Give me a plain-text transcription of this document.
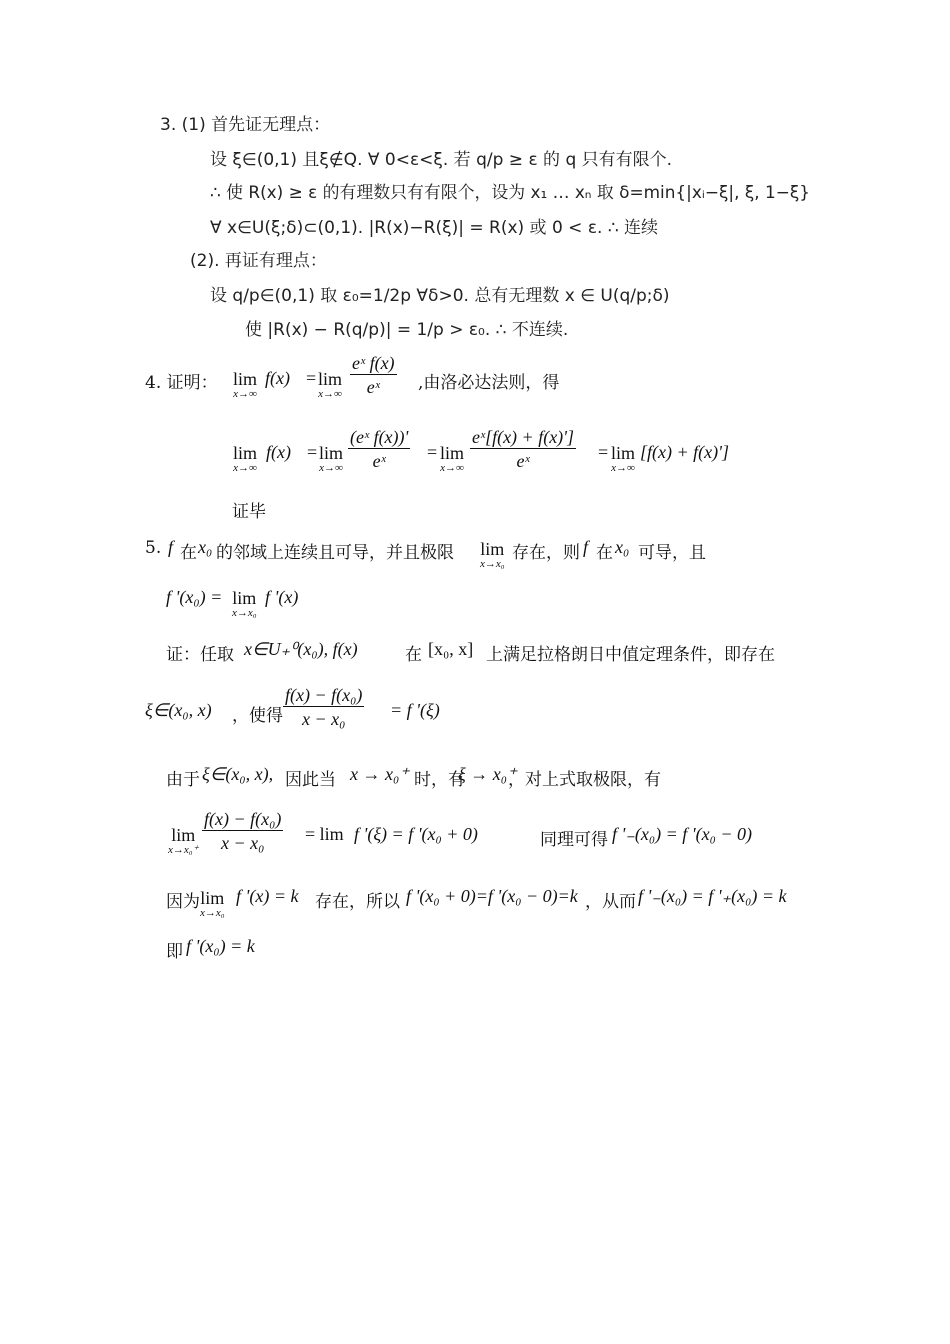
3. (1) 首先证无理点：
设 ξ∈(0,1) 且ξ∉Q. ∀ 0<ε<ξ. 若 q/p ≥ ε 的 q 只有有限个.
∴ 使 R(x) ≥ ε 的有理数只有有限个，设为 x₁ … xₙ 取 δ=min{|xᵢ−ξ|, ξ, 1−ξ}
∀ x∈U(ξ;δ)⊂(0,1). |R(x)−R(ξ)| = R(x) 或 0 < ε. ∴ 连续
(2). 再证有理点：
设 q/p∈(0,1) 取 ε₀=1/2p ∀δ>0. 总有无理数 x ∈ U(q/p;δ)
使 |R(x) − R(q/p)| = 1/p > ε₀. ∴ 不连续.
4. 证明： lim
x→∞
f(x) = lim
$x\to\infty \frac{\text{eˣ f(x)}}{\text{eˣ}}$ ,由洛必达法则，得
lim
x→∞
f(x) = lim
$x\to\infty \frac{\text{(eˣ f(x))'}}{\text{eˣ}} = \lim$
$x\to\infty \frac{\text{eˣ[f(x) + f(x)']}}{\text{eˣ}} = \lim$
x→∞
[f(x) + f(x)']
证毕
5. f 在 x₀ 的邻域上连续且可导，并且极限 lim
x→x₀
存在，则 f 在 x₀ 可导，且
f '(x₀) = lim
x→x₀
f '(x)
证：任取 x∈U₊⁰(x₀), f(x)	在 [x₀, x] 上满足拉格朗日中值定理条件，即存在
ξ∈(x₀, x) ，使得 $\frac{\text{f(x) − f(x₀)}}{\text{x − x₀}} = f$ '(ξ)
由于 ξ∈(x₀, x), 因此当 x → x₀⁺ 时，有
ξ → x₀⁺
，对上式取极限，有
lim
$x\to x_0^+ \frac{\text{f(x) − f(x₀)}}{\text{x − x₀}} = \lim f$ '(ξ) = f '(x₀ + 0)	同理可得 f '₋(x₀) = f '(x₀ − 0)
因为 lim
x→x₀
f '(x) = k 存在，所以 f '(x₀ + 0)=f '(x₀ − 0)=k ，从而 f '₋(x₀) = f '₊(x₀) = k
即 f '(x₀) = k
